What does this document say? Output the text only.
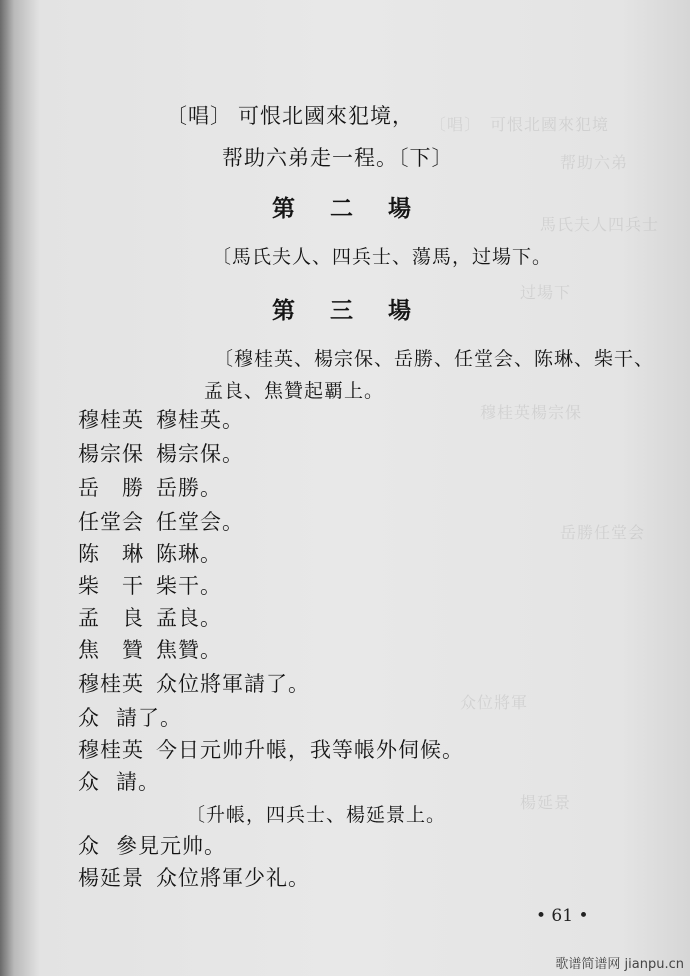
〔唱〕　可恨北國來犯境
帮助六弟
馬氏夫人四兵士
过場下
穆桂英楊宗保
岳勝任堂会
众位將軍
楊延景
〔唱〕 可恨北國來犯境，
帮助六弟走一程。〔下〕
第 二 場
〔馬氏夫人、四兵士、蕩馬，过場下。
第 三 場
〔穆桂英、楊宗保、岳勝、任堂会、陈琳、柴干、
孟良、焦贊起覇上。
穆桂英 穆桂英。
楊宗保 楊宗保。
岳　勝 岳勝。
任堂会 任堂会。
陈　琳 陈琳。
柴　干 柴干。
孟　良 孟良。
焦　贊 焦贊。
穆桂英 众位將軍請了。
众 請了。
穆桂英 今日元帅升帳，我等帳外伺候。
众 請。
〔升帳，四兵士、楊延景上。
众 參見元帅。
楊延景 众位將軍少礼。
• 61 •
歌谱简谱网 jianpu.cn
